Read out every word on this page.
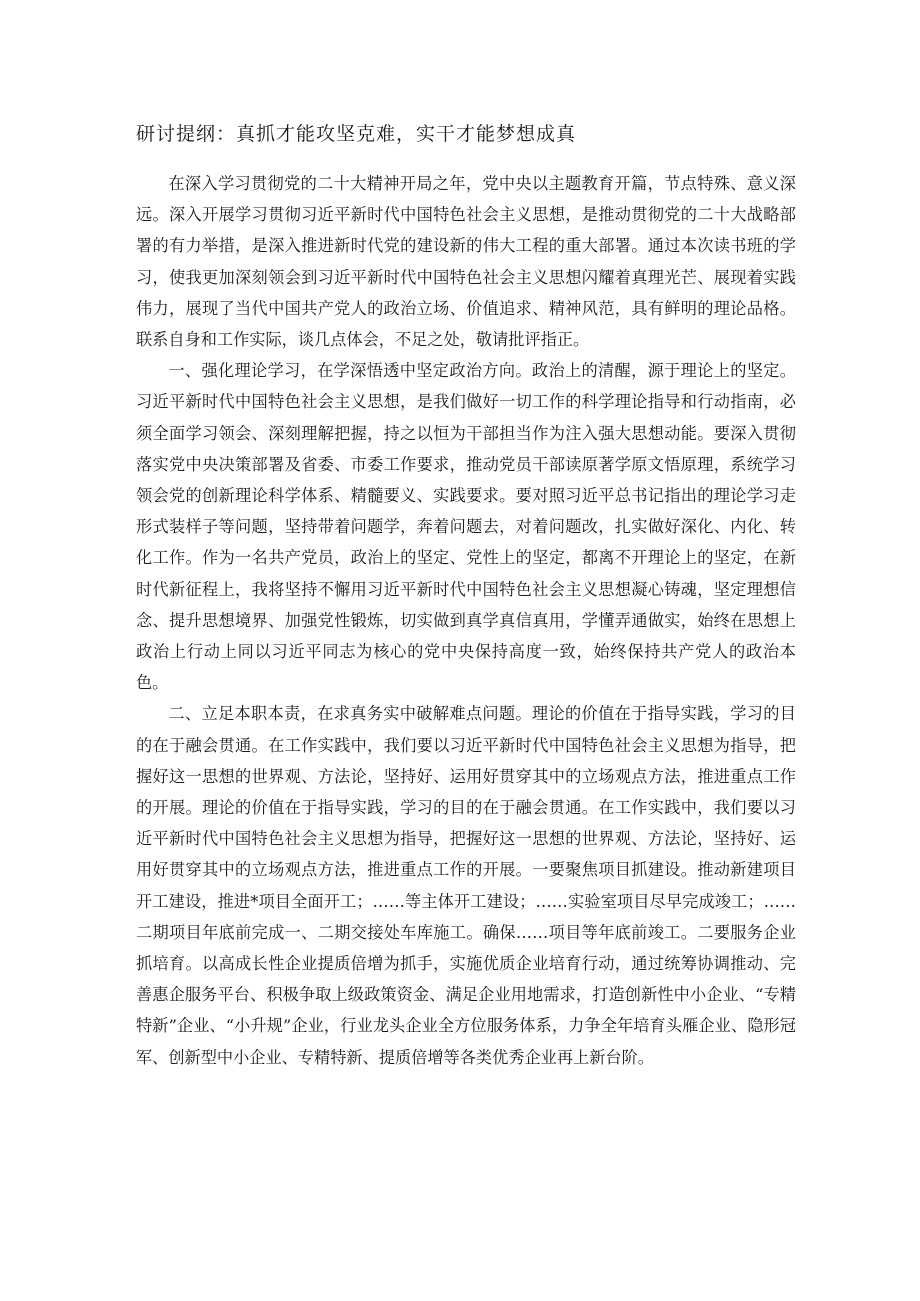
研讨提纲：真抓才能攻坚克难，实干才能梦想成真

在深入学习贯彻党的二十大精神开局之年，党中央以主题教育开篇，节点特殊、意义深远。深入开展学习贯彻习近平新时代中国特色社会主义思想，是推动贯彻党的二十大战略部署的有力举措，是深入推进新时代党的建设新的伟大工程的重大部署。通过本次读书班的学习，使我更加深刻领会到习近平新时代中国特色社会主义思想闪耀着真理光芒、展现着实践伟力，展现了当代中国共产党人的政治立场、价值追求、精神风范，具有鲜明的理论品格。联系自身和工作实际，谈几点体会，不足之处，敬请批评指正。

一、强化理论学习，在学深悟透中坚定政治方向。政治上的清醒，源于理论上的坚定。习近平新时代中国特色社会主义思想，是我们做好一切工作的科学理论指导和行动指南，必须全面学习领会、深刻理解把握，持之以恒为干部担当作为注入强大思想动能。要深入贯彻落实党中央决策部署及省委、市委工作要求，推动党员干部读原著学原文悟原理，系统学习领会党的创新理论科学体系、精髓要义、实践要求。要对照习近平总书记指出的理论学习走形式装样子等问题，坚持带着问题学，奔着问题去，对着问题改，扎实做好深化、内化、转化工作。作为一名共产党员，政治上的坚定、党性上的坚定，都离不开理论上的坚定，在新时代新征程上，我将坚持不懈用习近平新时代中国特色社会主义思想凝心铸魂，坚定理想信念、提升思想境界、加强党性锻炼，切实做到真学真信真用，学懂弄通做实，始终在思想上政治上行动上同以习近平同志为核心的党中央保持高度一致，始终保持共产党人的政治本色。

二、立足本职本责，在求真务实中破解难点问题。理论的价值在于指导实践，学习的目的在于融会贯通。在工作实践中，我们要以习近平新时代中国特色社会主义思想为指导，把握好这一思想的世界观、方法论，坚持好、运用好贯穿其中的立场观点方法，推进重点工作的开展。理论的价值在于指导实践，学习的目的在于融会贯通。在工作实践中，我们要以习近平新时代中国特色社会主义思想为指导，把握好这一思想的世界观、方法论，坚持好、运用好贯穿其中的立场观点方法，推进重点工作的开展。一要聚焦项目抓建设。推动新建项目开工建设，推进*项目全面开工；……等主体开工建设；……实验室项目尽早完成竣工；……二期项目年底前完成一、二期交接处车库施工。确保……项目等年底前竣工。二要服务企业抓培育。以高成长性企业提质倍增为抓手，实施优质企业培育行动，通过统筹协调推动、完善惠企服务平台、积极争取上级政策资金、满足企业用地需求，打造创新性中小企业、“专精特新”企业、“小升规”企业，行业龙头企业全方位服务体系，力争全年培育头雁企业、隐形冠军、创新型中小企业、专精特新、提质倍增等各类优秀企业再上新台阶。
